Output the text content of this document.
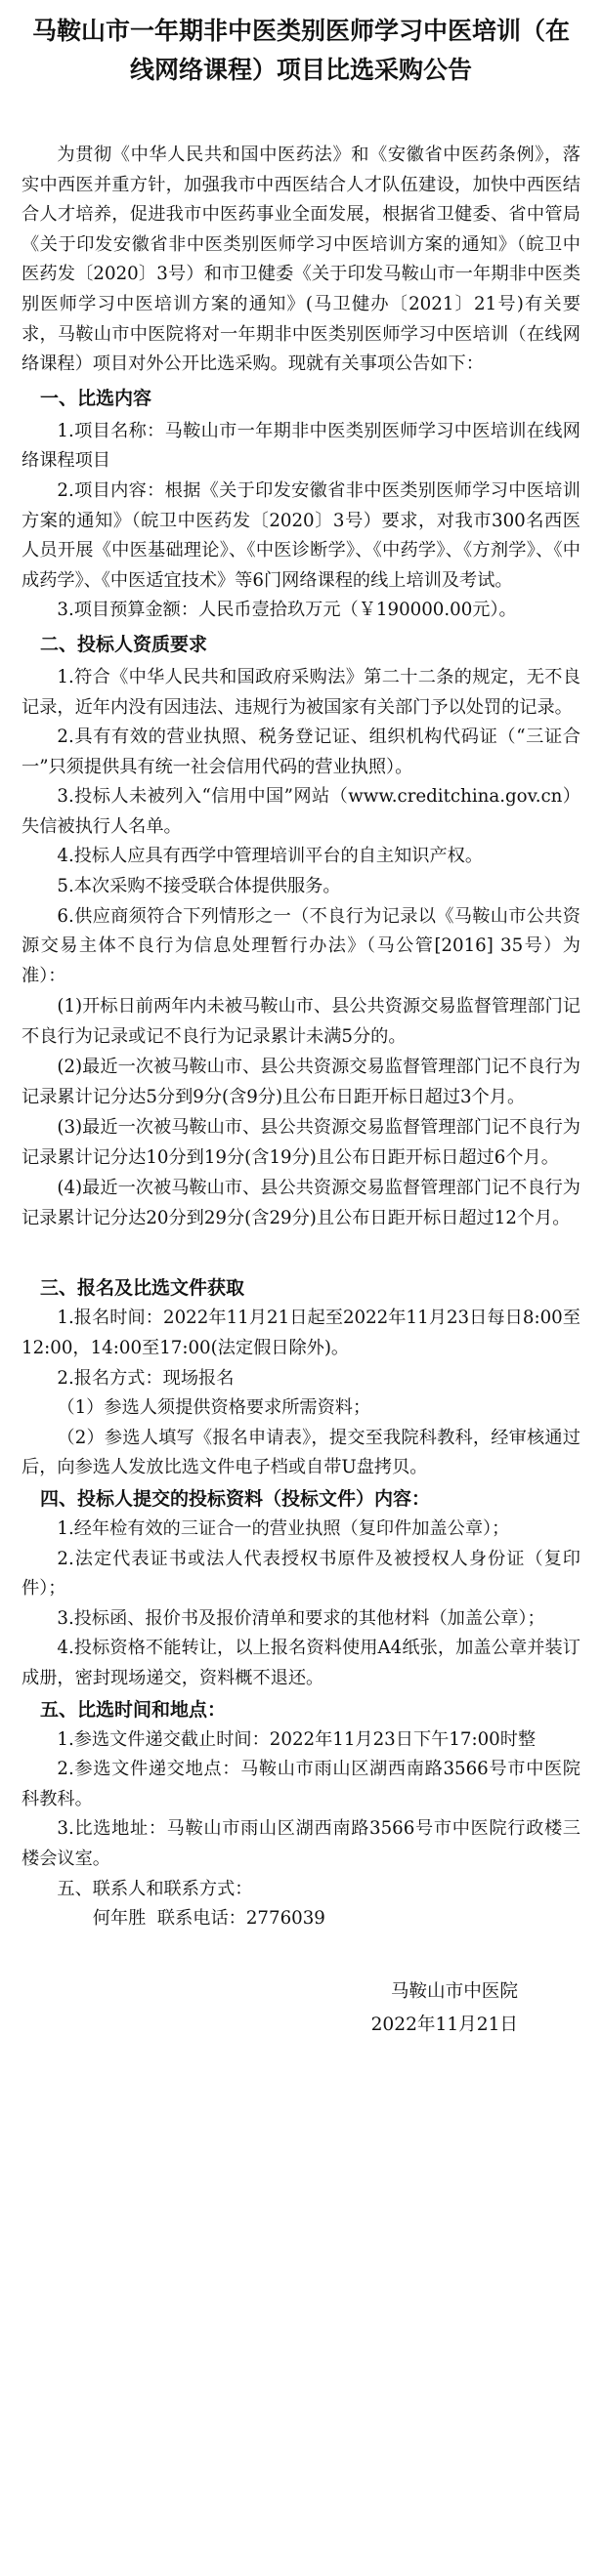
马鞍山市一年期非中医类别医师学习中医培训（在线网络课程）项目比选采购公告

为贯彻《中华人民共和国中医药法》和《安徽省中医药条例》，落实中西医并重方针，加强我市中西医结合人才队伍建设，加快中西医结合人才培养，促进我市中医药事业全面发展，根据省卫健委、省中管局《关于印发安徽省非中医类别医师学习中医培训方案的通知》（皖卫中医药发〔2020〕3号）和市卫健委《关于印发马鞍山市一年期非中医类别医师学习中医培训方案的通知》(马卫健办〔2021〕21号)有关要求，马鞍山市中医院将对一年期非中医类别医师学习中医培训（在线网络课程）项目对外公开比选采购。现就有关事项公告如下：

一、比选内容

1.项目名称：马鞍山市一年期非中医类别医师学习中医培训在线网络课程项目

2.项目内容：根据《关于印发安徽省非中医类别医师学习中医培训方案的通知》（皖卫中医药发〔2020〕3号）要求，对我市300名西医人员开展《中医基础理论》、《中医诊断学》、《中药学》、《方剂学》、《中成药学》、《中医适宜技术》等6门网络课程的线上培训及考试。

3.项目预算金额：人民币壹拾玖万元（￥190000.00元）。

二、投标人资质要求

1.符合《中华人民共和国政府采购法》第二十二条的规定，无不良记录，近年内没有因违法、违规行为被国家有关部门予以处罚的记录。

2.具有有效的营业执照、税务登记证、组织机构代码证（“三证合一”只须提供具有统一社会信用代码的营业执照）。

3.投标人未被列入“信用中国”网站（www.creditchina.gov.cn）失信被执行人名单。

4.投标人应具有西学中管理培训平台的自主知识产权。

5.本次采购不接受联合体提供服务。

6.供应商须符合下列情形之一（不良行为记录以《马鞍山市公共资源交易主体不良行为信息处理暂行办法》（马公管[2016] 35号）为准）：

(1)开标日前两年内未被马鞍山市、县公共资源交易监督管理部门记不良行为记录或记不良行为记录累计未满5分的。

(2)最近一次被马鞍山市、县公共资源交易监督管理部门记不良行为记录累计记分达5分到9分(含9分)且公布日距开标日超过3个月。

(3)最近一次被马鞍山市、县公共资源交易监督管理部门记不良行为记录累计记分达10分到19分(含19分)且公布日距开标日超过6个月。

(4)最近一次被马鞍山市、县公共资源交易监督管理部门记不良行为记录累计记分达20分到29分(含29分)且公布日距开标日超过12个月。

三、报名及比选文件获取

1.报名时间：2022年11月21日起至2022年11月23日每日8:00至12:00，14:00至17:00(法定假日除外)。

2.报名方式：现场报名

（1）参选人须提供资格要求所需资料；

（2）参选人填写《报名申请表》，提交至我院科教科，经审核通过后，向参选人发放比选文件电子档或自带U盘拷贝。

四、投标人提交的投标资料（投标文件）内容：

1.经年检有效的三证合一的营业执照（复印件加盖公章）；

2.法定代表证书或法人代表授权书原件及被授权人身份证（复印件）；

3.投标函、报价书及报价清单和要求的其他材料（加盖公章）；

4.投标资格不能转让，以上报名资料使用A4纸张，加盖公章并装订成册，密封现场递交，资料概不退还。

五、比选时间和地点：

1.参选文件递交截止时间：2022年11月23日下午17:00时整

2.参选文件递交地点：马鞍山市雨山区湖西南路3566号市中医院科教科。

3.比选地址：马鞍山市雨山区湖西南路3566号市中医院行政楼三楼会议室。

五、联系人和联系方式：

何年胜  联系电话：2776039

马鞍山市中医院

2022年11月21日
